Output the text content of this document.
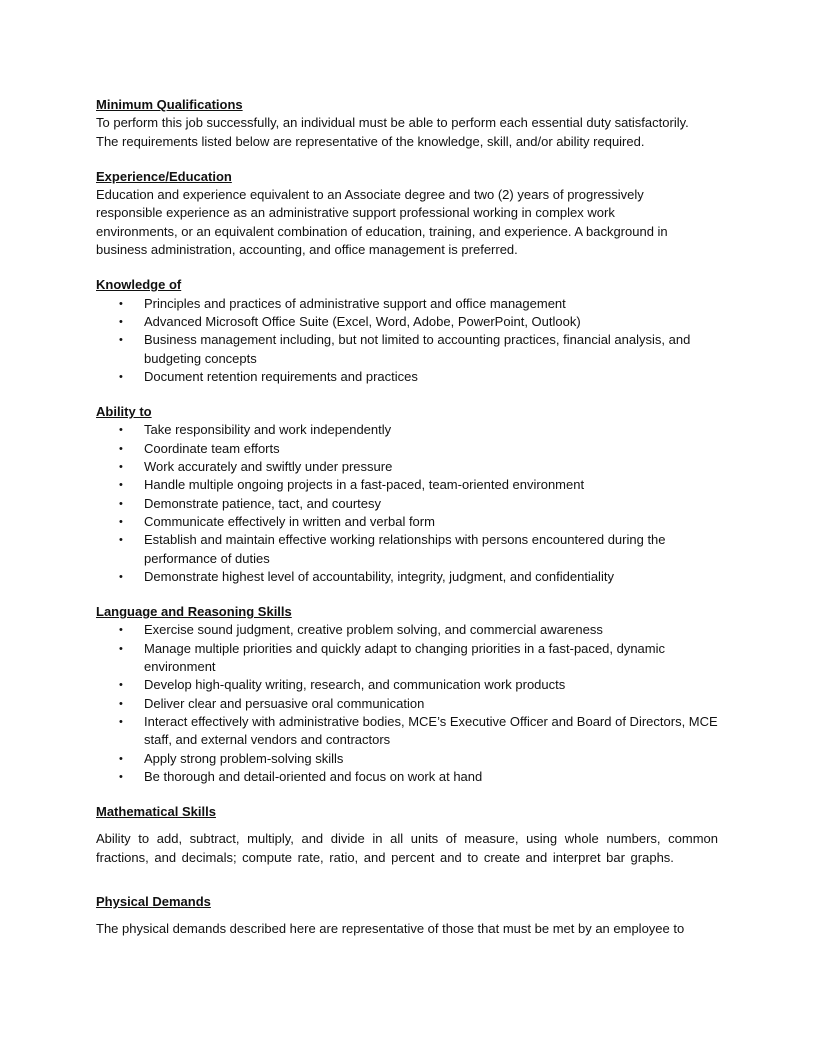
Minimum Qualifications

To perform this job successfully, an individual must be able to perform each essential duty satisfactorily.

The requirements listed below are representative of the knowledge, skill, and/or ability required.

Experience/Education

Education and experience equivalent to an Associate degree and two (2) years of progressively

responsible experience as an administrative support professional working in complex work

environments, or an equivalent combination of education, training, and experience. A background in

business administration, accounting, and office management is preferred.

Knowledge of

• Principles and practices of administrative support and office management
• Advanced Microsoft Office Suite (Excel, Word, Adobe, PowerPoint, Outlook)
• Business management including, but not limited to accounting practices, financial analysis, and budgeting concepts
• Document retention requirements and practices

Ability to

• Take responsibility and work independently
• Coordinate team efforts
• Work accurately and swiftly under pressure
• Handle multiple ongoing projects in a fast-paced, team-oriented environment
• Demonstrate patience, tact, and courtesy
• Communicate effectively in written and verbal form
• Establish and maintain effective working relationships with persons encountered during the performance of duties
• Demonstrate highest level of accountability, integrity, judgment, and confidentiality

Language and Reasoning Skills

• Exercise sound judgment, creative problem solving, and commercial awareness
• Manage multiple priorities and quickly adapt to changing priorities in a fast-paced, dynamic environment
• Develop high-quality writing, research, and communication work products
• Deliver clear and persuasive oral communication
• Interact effectively with administrative bodies, MCE’s Executive Officer and Board of Directors, MCE staff, and external vendors and contractors
• Apply strong problem-solving skills
• Be thorough and detail-oriented and focus on work at hand

Mathematical Skills

Ability to add, subtract, multiply, and divide in all units of measure, using whole numbers, common fractions, and decimals; compute rate, ratio, and percent and to create and interpret bar graphs.

Physical Demands

The physical demands described here are representative of those that must be met by an employee to
